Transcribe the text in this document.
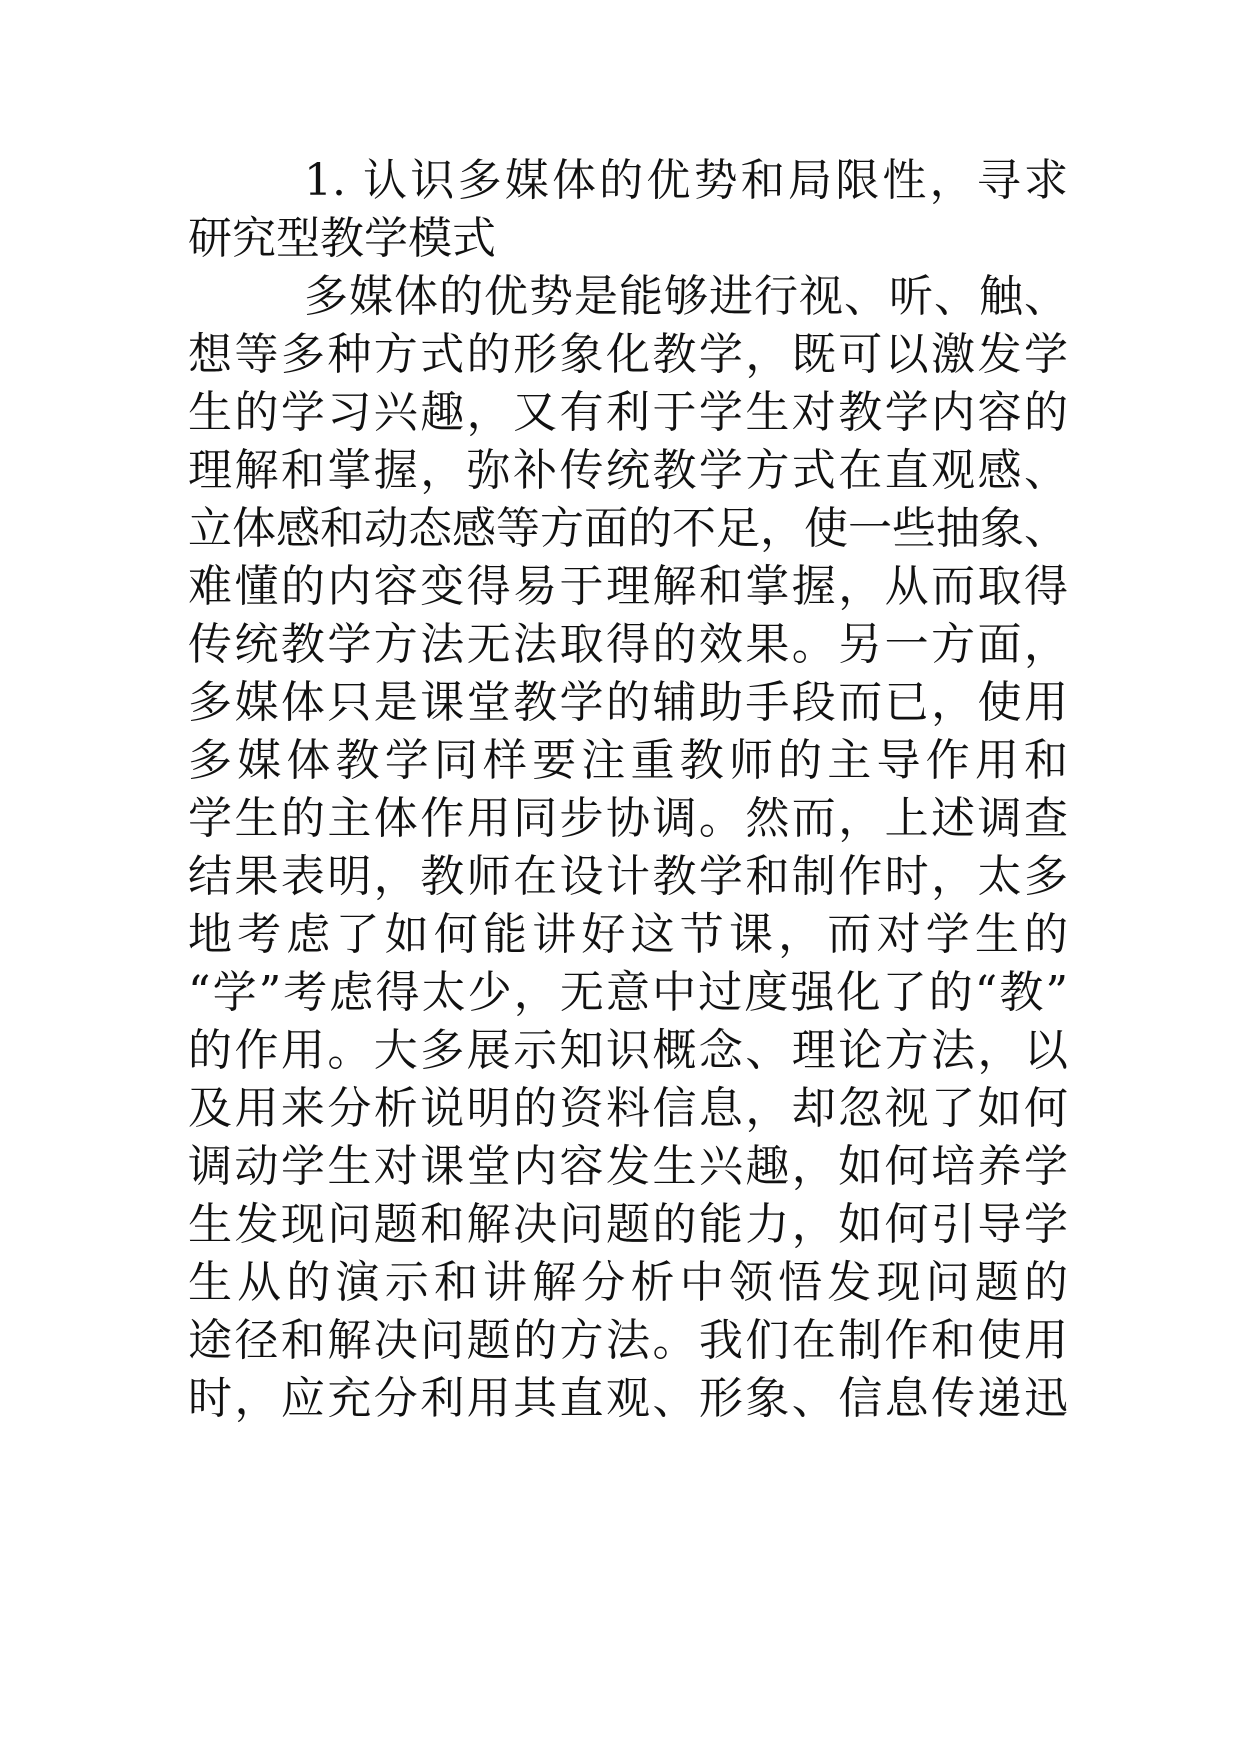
1. 认识多媒体的优势和局限性，寻求
研究型教学模式
多媒体的优势是能够进行视、听、触、
想等多种方式的形象化教学，既可以激发学
生的学习兴趣，又有利于学生对教学内容的
理解和掌握，弥补传统教学方式在直观感、
立体感和动态感等方面的不足，使一些抽象、
难懂的内容变得易于理解和掌握，从而取得
传统教学方法无法取得的效果。另一方面，
多媒体只是课堂教学的辅助手段而已，使用
多媒体教学同样要注重教师的主导作用和
学生的主体作用同步协调。然而，上述调查
结果表明，教师在设计教学和制作时，太多
地考虑了如何能讲好这节课，而对学生的
“学”考虑得太少，无意中过度强化了的“教”
的作用。大多展示知识概念、理论方法，以
及用来分析说明的资料信息，却忽视了如何
调动学生对课堂内容发生兴趣，如何培养学
生发现问题和解决问题的能力，如何引导学
生从的演示和讲解分析中领悟发现问题的
途径和解决问题的方法。我们在制作和使用
时，应充分利用其直观、形象、信息传递迅
